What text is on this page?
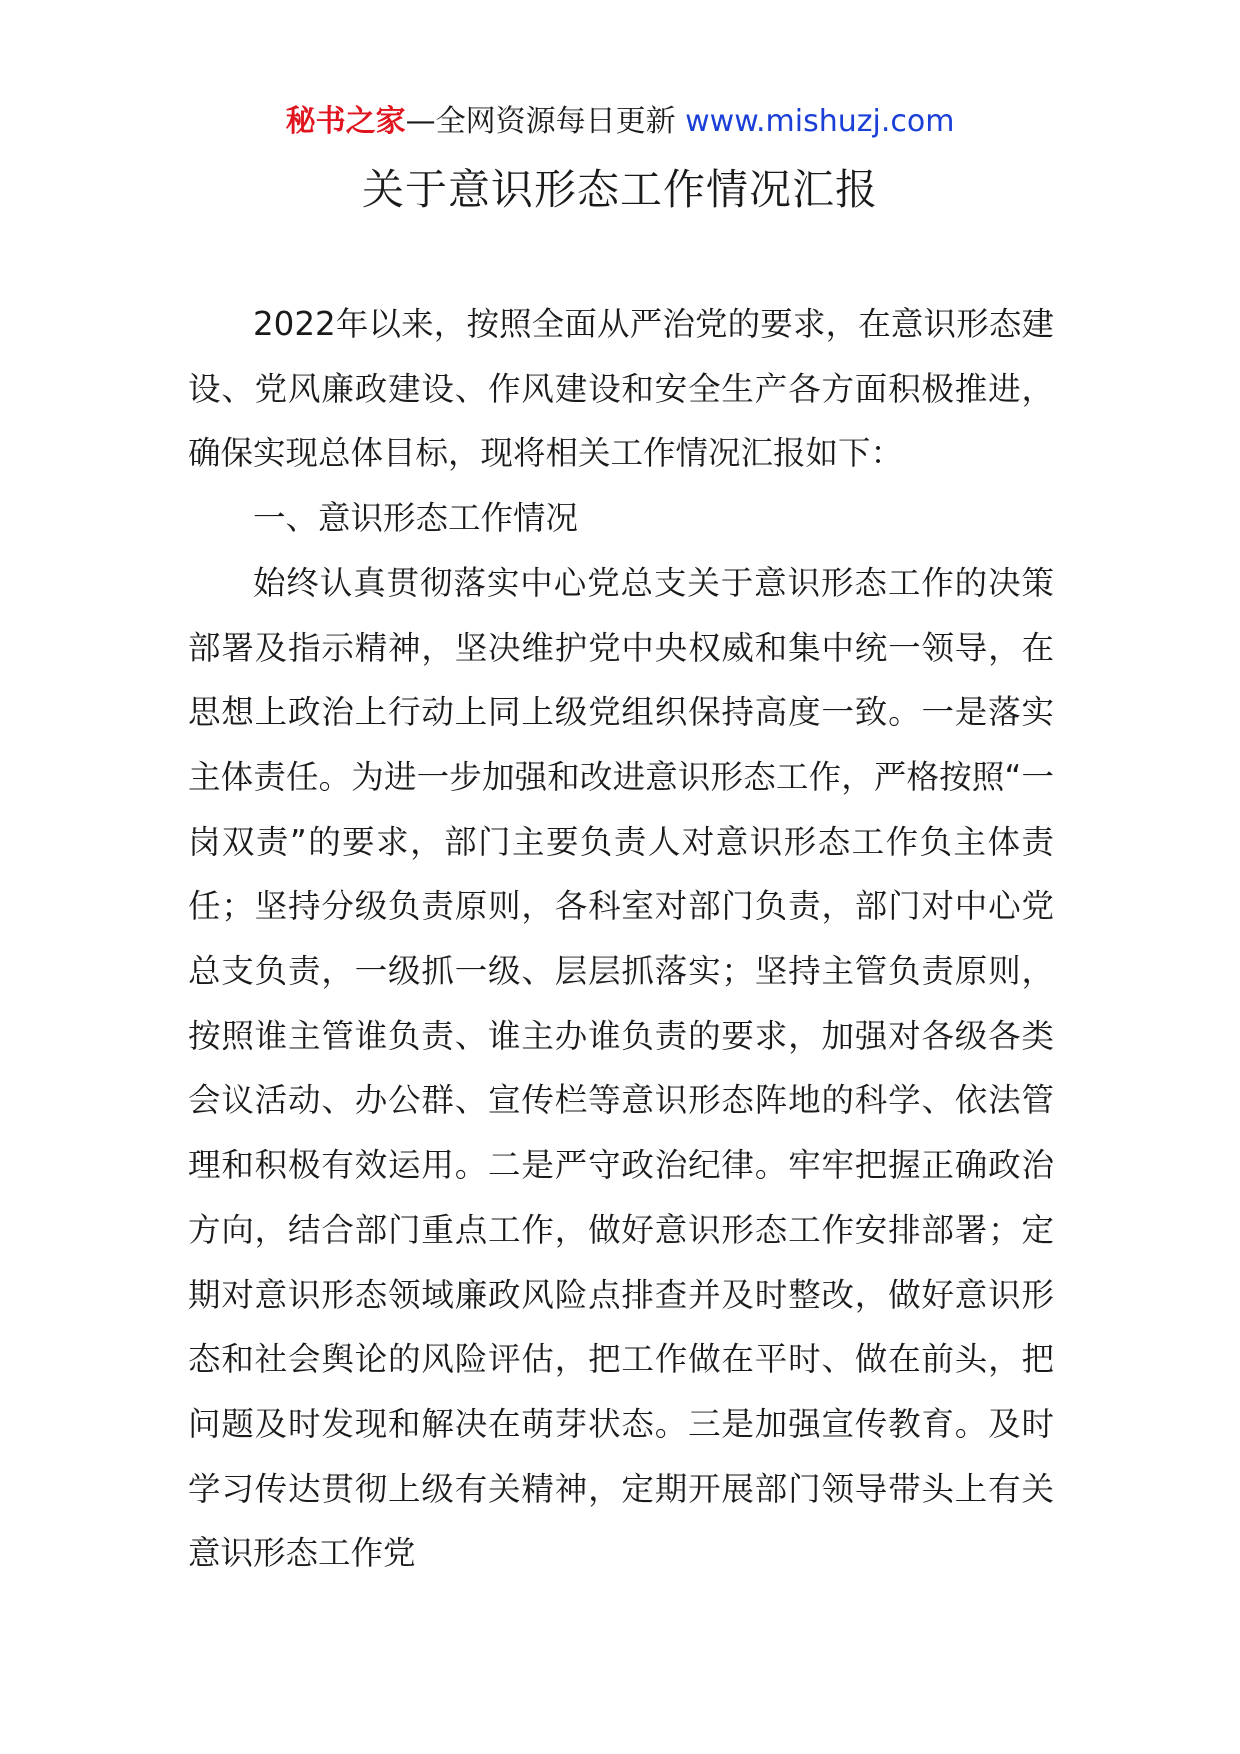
秘书之家—全网资源每日更新 www.mishuzj.com
关于意识形态工作情况汇报

2022年以来，按照全面从严治党的要求，在意识形态建设、党风廉政建设、作风建设和安全生产各方面积极推进，确保实现总体目标，现将相关工作情况汇报如下：

一、意识形态工作情况

始终认真贯彻落实中心党总支关于意识形态工作的决策部署及指示精神，坚决维护党中央权威和集中统一领导，在思想上政治上行动上同上级党组织保持高度一致。一是落实主体责任。为进一步加强和改进意识形态工作，严格按照“一岗双责”的要求，部门主要负责人对意识形态工作负主体责任；坚持分级负责原则，各科室对部门负责，部门对中心党总支负责，一级抓一级、层层抓落实；坚持主管负责原则，按照谁主管谁负责、谁主办谁负责的要求，加强对各级各类会议活动、办公群、宣传栏等意识形态阵地的科学、依法管理和积极有效运用。二是严守政治纪律。牢牢把握正确政治方向，结合部门重点工作，做好意识形态工作安排部署；定期对意识形态领域廉政风险点排查并及时整改，做好意识形态和社会舆论的风险评估，把工作做在平时、做在前头，把问题及时发现和解决在萌芽状态。三是加强宣传教育。及时学习传达贯彻上级有关精神，定期开展部门领导带头上有关意识形态工作党
